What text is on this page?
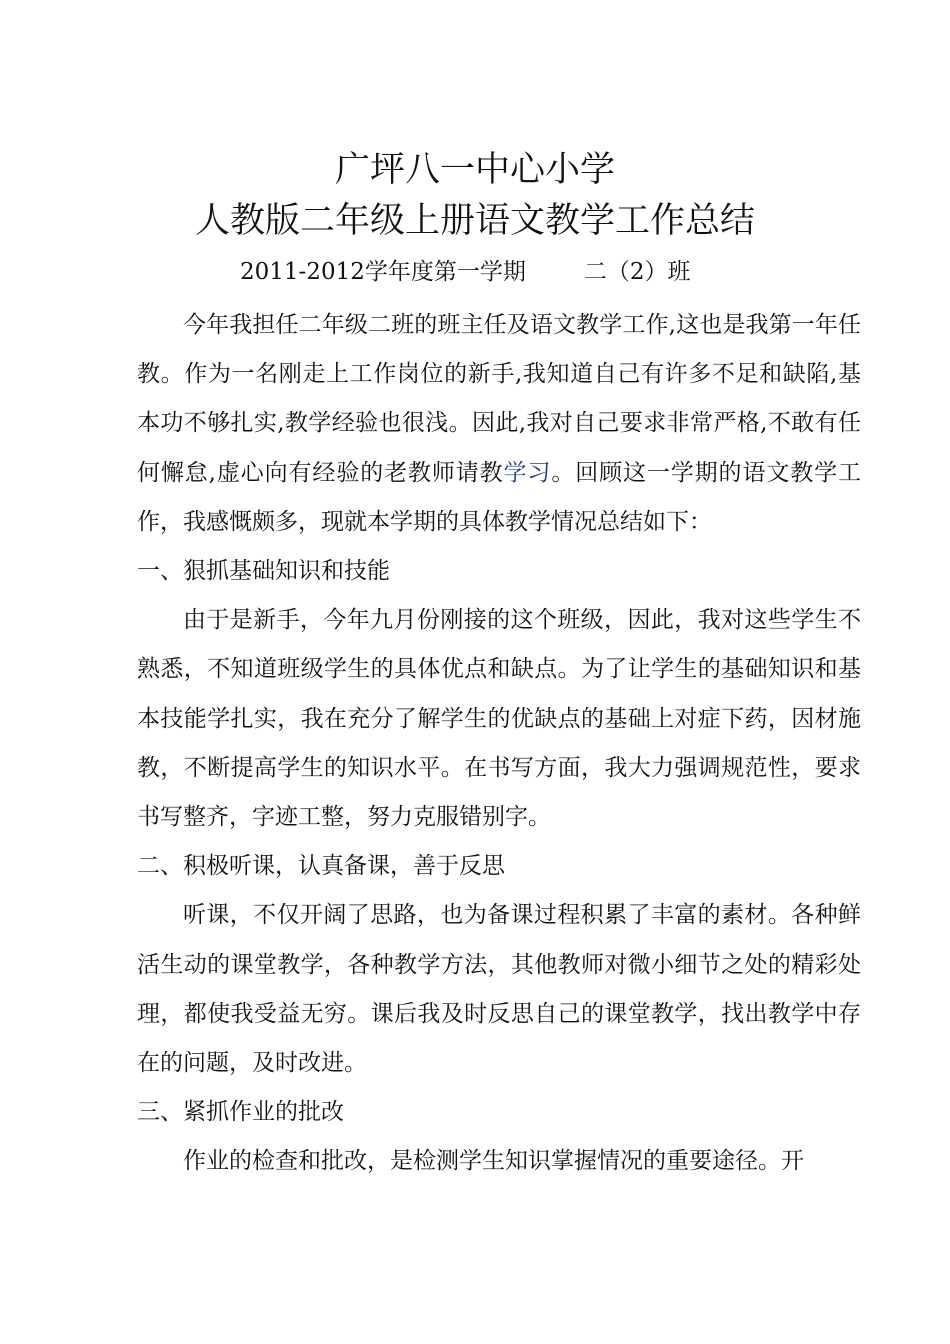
广坪八一中心小学
人教版二年级上册语文教学工作总结
2011-2012学年度第一学期	二（2）班

今年我担任二年级二班的班主任及语文教学工作,这也是我第一年任教。作为一名刚走上工作岗位的新手,我知道自己有许多不足和缺陷,基本功不够扎实,教学经验也很浅。因此,我对自己要求非常严格,不敢有任何懈怠,虚心向有经验的老教师请教学习。回顾这一学期的语文教学工作，我感慨颇多，现就本学期的具体教学情况总结如下：

一、狠抓基础知识和技能

由于是新手，今年九月份刚接的这个班级，因此，我对这些学生不熟悉，不知道班级学生的具体优点和缺点。为了让学生的基础知识和基本技能学扎实，我在充分了解学生的优缺点的基础上对症下药，因材施教，不断提高学生的知识水平。在书写方面，我大力强调规范性，要求书写整齐，字迹工整，努力克服错别字。

二、积极听课，认真备课，善于反思

听课，不仅开阔了思路，也为备课过程积累了丰富的素材。各种鲜活生动的课堂教学，各种教学方法，其他教师对微小细节之处的精彩处理，都使我受益无穷。课后我及时反思自己的课堂教学，找出教学中存在的问题，及时改进。

三、紧抓作业的批改

作业的检查和批改，是检测学生知识掌握情况的重要途径。开
